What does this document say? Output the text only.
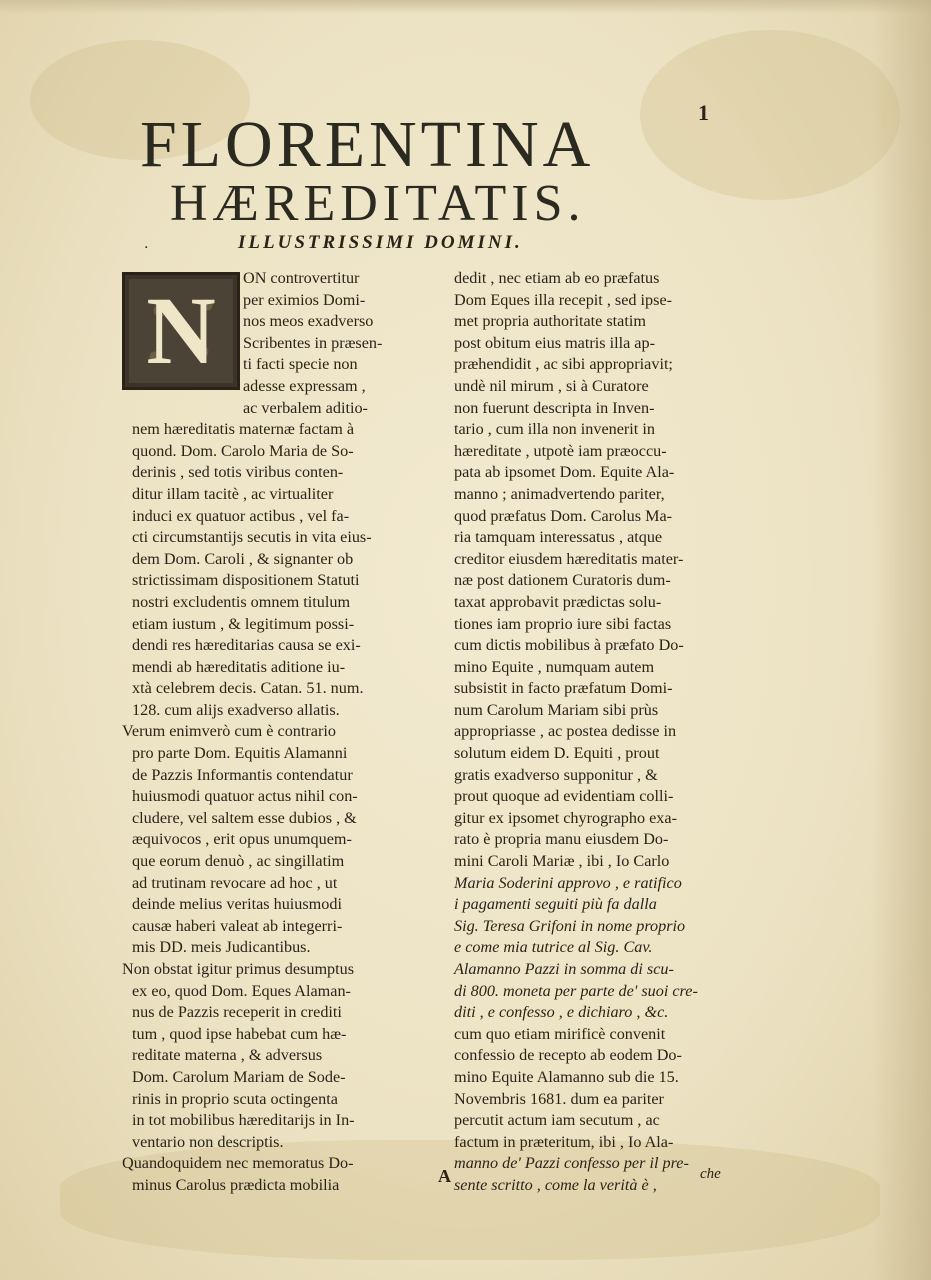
1
FLORENTINA
HÆREDITATIS.
.	ILLUSTRISSIMI DOMINI.
N	ON controvertitur
per eximios Domi-
nos meos exadverso
Scribentes in præsen-
ti facti specie non
adesse expressam ,
ac verbalem aditio-
nem hæreditatis maternæ factam à
quond. Dom. Carolo Maria de So-
derinis , sed totis viribus conten-
ditur illam tacitè , ac virtualiter
induci ex quatuor actibus , vel fa-
cti circumstantijs secutis in vita eius-
dem Dom. Caroli , & signanter ob
strictissimam dispositionem Statuti
nostri excludentis omnem titulum
etiam iustum , & legitimum possi-
dendi res hæreditarias causa se exi-
mendi ab hæreditatis aditione iu-
xtà celebrem decis. Catan. 51. num.
128. cum alijs exadverso allatis.
Verum enimverò cum è contrario
pro parte Dom. Equitis Alamanni
de Pazzis Informantis contendatur
huiusmodi quatuor actus nihil con-
cludere, vel saltem esse dubios , &
æquivocos , erit opus unumquem-
que eorum denuò , ac singillatim
ad trutinam revocare ad hoc , ut
deinde melius veritas huiusmodi
causæ haberi valeat ab integerri-
mis DD. meis Judicantibus.
Non obstat igitur primus desumptus
ex eo, quod Dom. Eques Alaman-
nus de Pazzis receperit in crediti
tum , quod ipse habebat cum hæ-
reditate materna , & adversus
Dom. Carolum Mariam de Sode-
rinis in proprio scuta octingenta
in tot mobilibus hæreditarijs in In-
ventario non descriptis.
Quandoquidem nec memoratus Do-
minus Carolus prædicta mobilia
dedit , nec etiam ab eo præfatus
Dom Eques illa recepit , sed ipse-
met propria authoritate statim
post obitum eius matris illa ap-
præhendidit , ac sibi appropriavit;
undè nil mirum , si à Curatore
non fuerunt descripta in Inven-
tario , cum illa non invenerit in
hæreditate , utpotè iam præoccu-
pata ab ipsomet Dom. Equite Ala-
manno ; animadvertendo pariter,
quod præfatus Dom. Carolus Ma-
ria tamquam interessatus , atque
creditor eiusdem hæreditatis mater-
næ post dationem Curatoris dum-
taxat approbavit prædictas solu-
tiones iam proprio iure sibi factas
cum dictis mobilibus à præfato Do-
mino Equite , numquam autem
subsistit in facto præfatum Domi-
num Carolum Mariam sibi prùs
appropriasse , ac postea dedisse in
solutum eidem D. Equiti , prout
gratis exadverso supponitur , &
prout quoque ad evidentiam colli-
gitur ex ipsomet chyrographo exa-
rato è propria manu eiusdem Do-
mini Caroli Mariæ , ibi , Io Carlo
Maria Soderini approvo , e ratifico
i pagamenti seguiti più fa dalla
Sig. Teresa Grifoni in nome proprio
e come mia tutrice al Sig. Cav.
Alamanno Pazzi in somma di scu-
di 800. moneta per parte de' suoi cre-
diti , e confesso , e dichiaro , &c.
cum quo etiam mirificè convenit
confessio de recepto ab eodem Do-
mino Equite Alamanno sub die 15.
Novembris 1681. dum ea pariter
percutit actum iam secutum , ac
factum in præteritum, ibi , Io Ala-
manno de' Pazzi confesso per il pre-
sente scritto , come la verità è ,
A	che
